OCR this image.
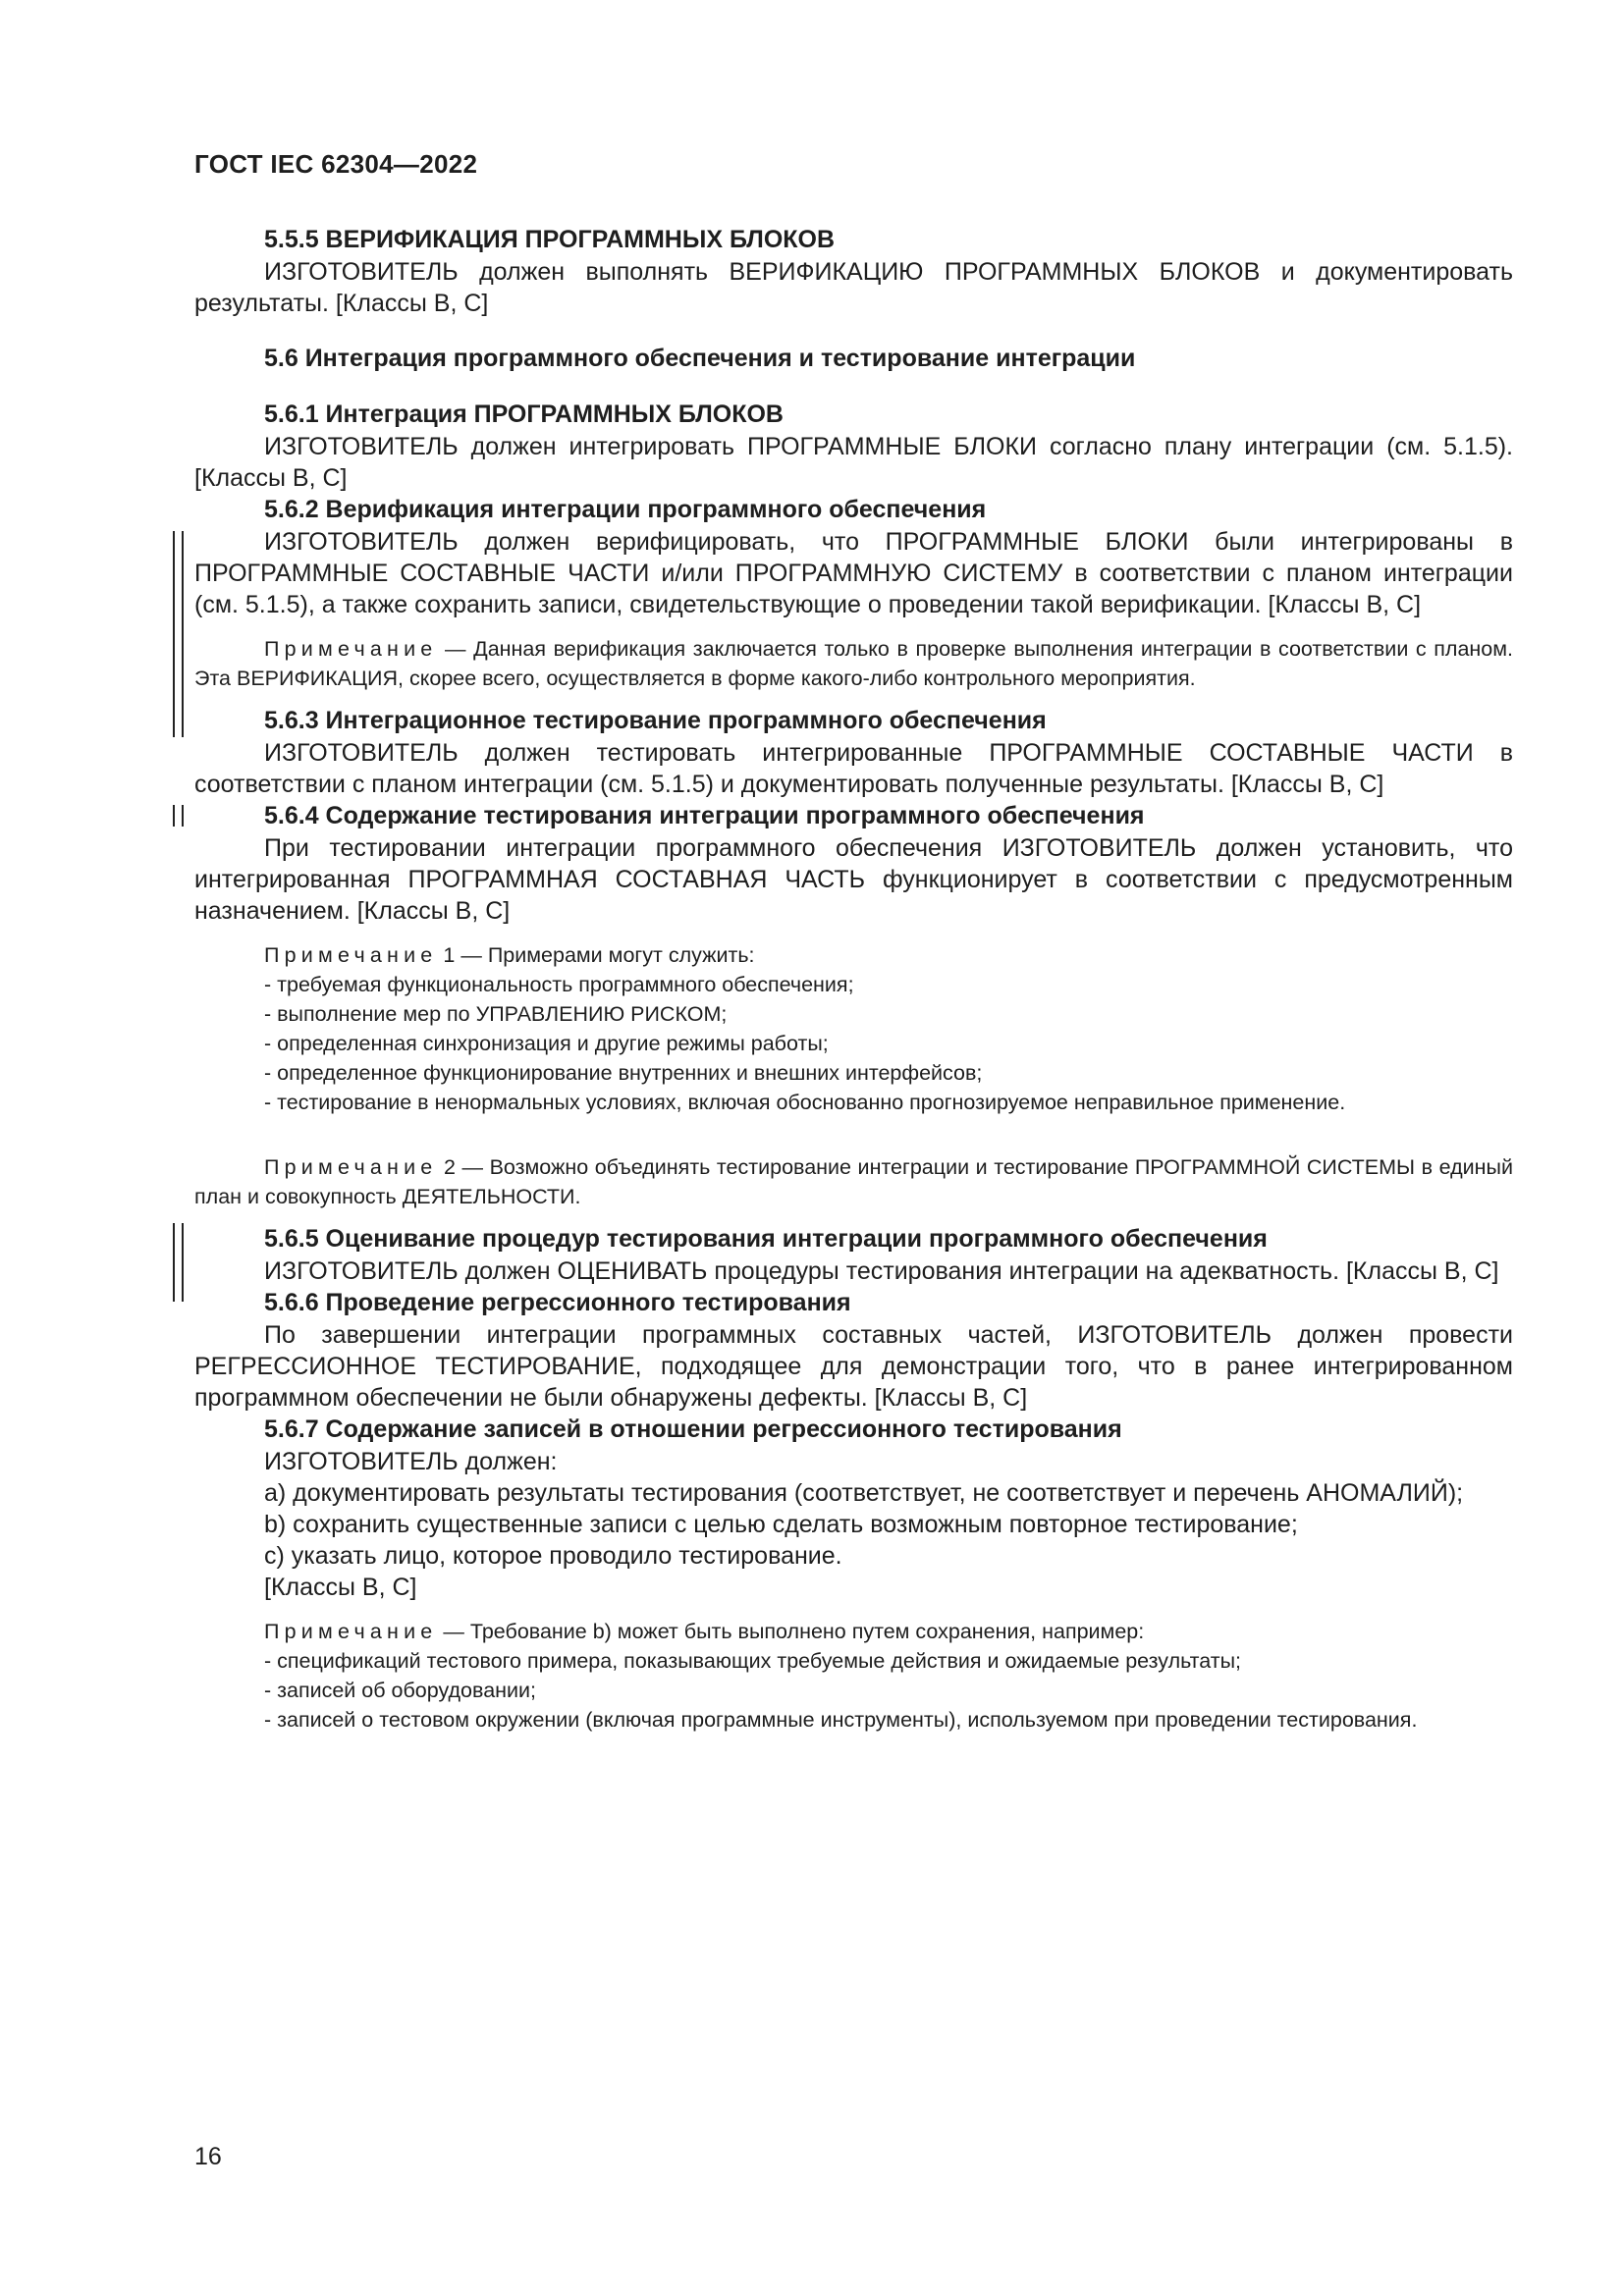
ГОСТ IEC 62304—2022
5.5.5 ВЕРИФИКАЦИЯ ПРОГРАММНЫХ БЛОКОВ
ИЗГОТОВИТЕЛЬ должен выполнять ВЕРИФИКАЦИЮ ПРОГРАММНЫХ БЛОКОВ и документировать результаты. [Классы В, С]
5.6 Интеграция программного обеспечения и тестирование интеграции
5.6.1 Интеграция ПРОГРАММНЫХ БЛОКОВ
ИЗГОТОВИТЕЛЬ должен интегрировать ПРОГРАММНЫЕ БЛОКИ согласно плану интеграции (см. 5.1.5). [Классы В, С]
5.6.2 Верификация интеграции программного обеспечения
ИЗГОТОВИТЕЛЬ должен верифицировать, что ПРОГРАММНЫЕ БЛОКИ были интегрированы в ПРОГРАММНЫЕ СОСТАВНЫЕ ЧАСТИ и/или ПРОГРАММНУЮ СИСТЕМУ в соответствии с планом интеграции (см. 5.1.5), а также сохранить записи, свидетельствующие о проведении такой верификации. [Классы В, С]
Примечание — Данная верификация заключается только в проверке выполнения интеграции в соответствии с планом. Эта ВЕРИФИКАЦИЯ, скорее всего, осуществляется в форме какого-либо контрольного мероприятия.
5.6.3 Интеграционное тестирование программного обеспечения
ИЗГОТОВИТЕЛЬ должен тестировать интегрированные ПРОГРАММНЫЕ СОСТАВНЫЕ ЧАСТИ в соответствии с планом интеграции (см. 5.1.5) и документировать полученные результаты. [Классы В, С]
5.6.4 Содержание тестирования интеграции программного обеспечения
При тестировании интеграции программного обеспечения ИЗГОТОВИТЕЛЬ должен установить, что интегрированная ПРОГРАММНАЯ СОСТАВНАЯ ЧАСТЬ функционирует в соответствии с предусмотренным назначением. [Классы В, С]
Примечание 1 — Примерами могут служить:
- требуемая функциональность программного обеспечения;
- выполнение мер по УПРАВЛЕНИЮ РИСКОМ;
- определенная синхронизация и другие режимы работы;
- определенное функционирование внутренних и внешних интерфейсов;
- тестирование в ненормальных условиях, включая обоснованно прогнозируемое неправильное применение.
Примечание 2 — Возможно объединять тестирование интеграции и тестирование ПРОГРАММНОЙ СИСТЕМЫ в единый план и совокупность ДЕЯТЕЛЬНОСТИ.
5.6.5 Оценивание процедур тестирования интеграции программного обеспечения
ИЗГОТОВИТЕЛЬ должен ОЦЕНИВАТЬ процедуры тестирования интеграции на адекватность. [Классы В, С]
5.6.6 Проведение регрессионного тестирования
По завершении интеграции программных составных частей, ИЗГОТОВИТЕЛЬ должен провести РЕГРЕССИОННОЕ ТЕСТИРОВАНИЕ, подходящее для демонстрации того, что в ранее интегрированном программном обеспечении не были обнаружены дефекты. [Классы В, С]
5.6.7 Содержание записей в отношении регрессионного тестирования
ИЗГОТОВИТЕЛЬ должен:
a) документировать результаты тестирования (соответствует, не соответствует и перечень АНОМАЛИЙ);
b) сохранить существенные записи с целью сделать возможным повторное тестирование;
c) указать лицо, которое проводило тестирование.
[Классы В, С]
Примечание — Требование b) может быть выполнено путем сохранения, например:
- спецификаций тестового примера, показывающих требуемые действия и ожидаемые результаты;
- записей об оборудовании;
- записей о тестовом окружении (включая программные инструменты), используемом при проведении тестирования.
16
